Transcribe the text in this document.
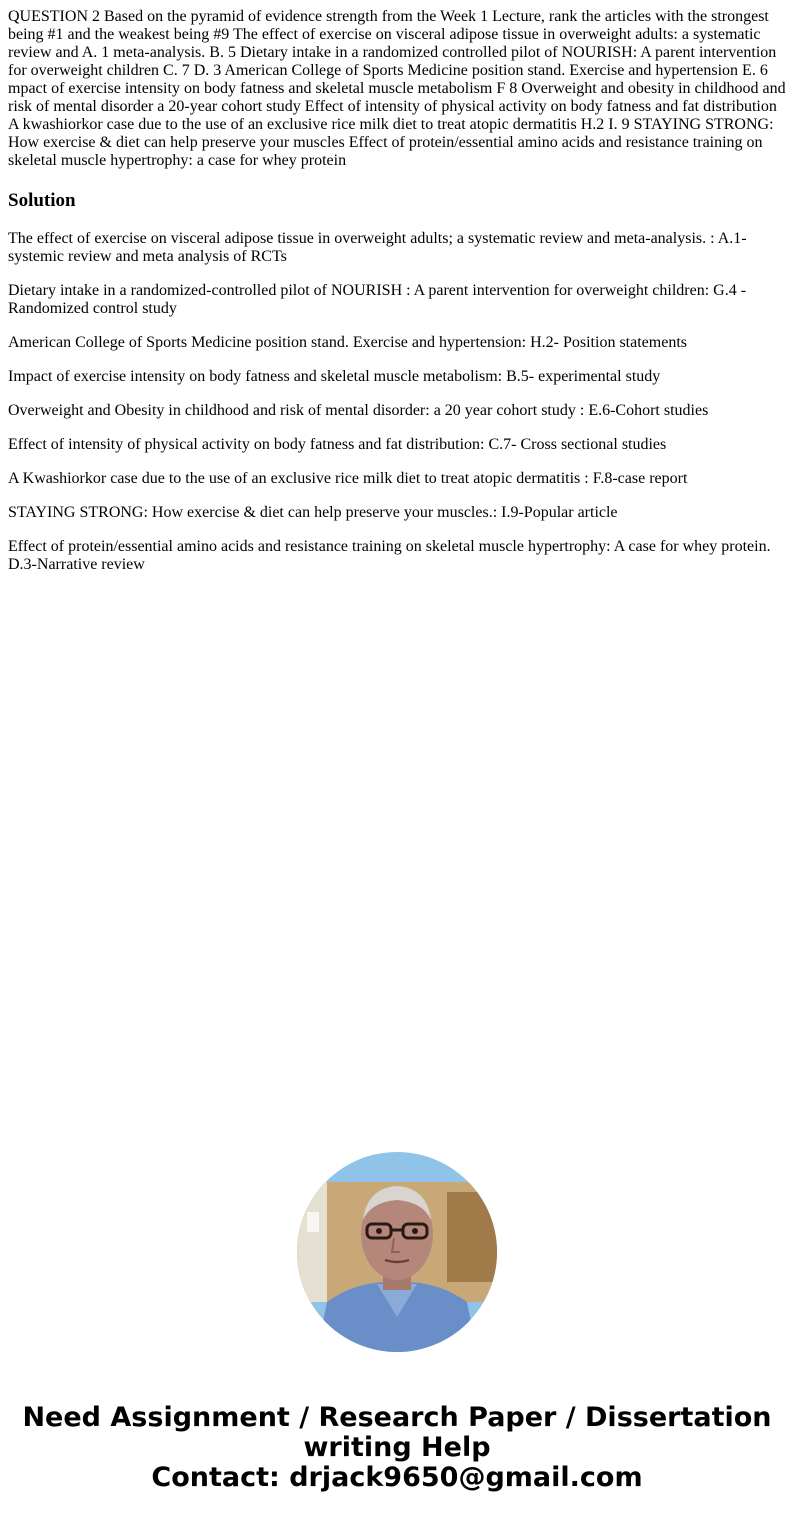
QUESTION 2 Based on the pyramid of evidence strength from the Week 1 Lecture, rank the articles with the strongest being #1 and the weakest being #9 The effect of exercise on visceral adipose tissue in overweight adults: a systematic review and A. 1 meta-analysis. B. 5 Dietary intake in a randomized controlled pilot of NOURISH: A parent intervention for overweight children C. 7 D. 3 American College of Sports Medicine position stand. Exercise and hypertension E. 6 mpact of exercise intensity on body fatness and skeletal muscle metabolism F 8 Overweight and obesity in childhood and risk of mental disorder a 20-year cohort study Effect of intensity of physical activity on body fatness and fat distribution A kwashiorkor case due to the use of an exclusive rice milk diet to treat atopic dermatitis H.2 I. 9 STAYING STRONG: How exercise & diet can help preserve your muscles Effect of protein/essential amino acids and resistance training on skeletal muscle hypertrophy: a case for whey protein

Solution

The effect of exercise on visceral adipose tissue in overweight adults; a systematic review and meta-analysis. : A.1- systemic review and meta analysis of RCTs

Dietary intake in a randomized-controlled pilot of NOURISH : A parent intervention for overweight children: G.4 - Randomized control study

American College of Sports Medicine position stand. Exercise and hypertension: H.2- Position statements

Impact of exercise intensity on body fatness and skeletal muscle metabolism: B.5- experimental study

Overweight and Obesity in childhood and risk of mental disorder: a 20 year cohort study : E.6-Cohort studies

Effect of intensity of physical activity on body fatness and fat distribution: C.7- Cross sectional studies

A Kwashiorkor case due to the use of an exclusive rice milk diet to treat atopic dermatitis : F.8-case report

STAYING STRONG: How exercise & diet can help preserve your muscles.: I.9-Popular article

Effect of protein/essential amino acids and resistance training on skeletal muscle hypertrophy: A case for whey protein. D.3-Narrative review

Need Assignment / Research Paper / Dissertation
writing Help
Contact: drjack9650@gmail.com
